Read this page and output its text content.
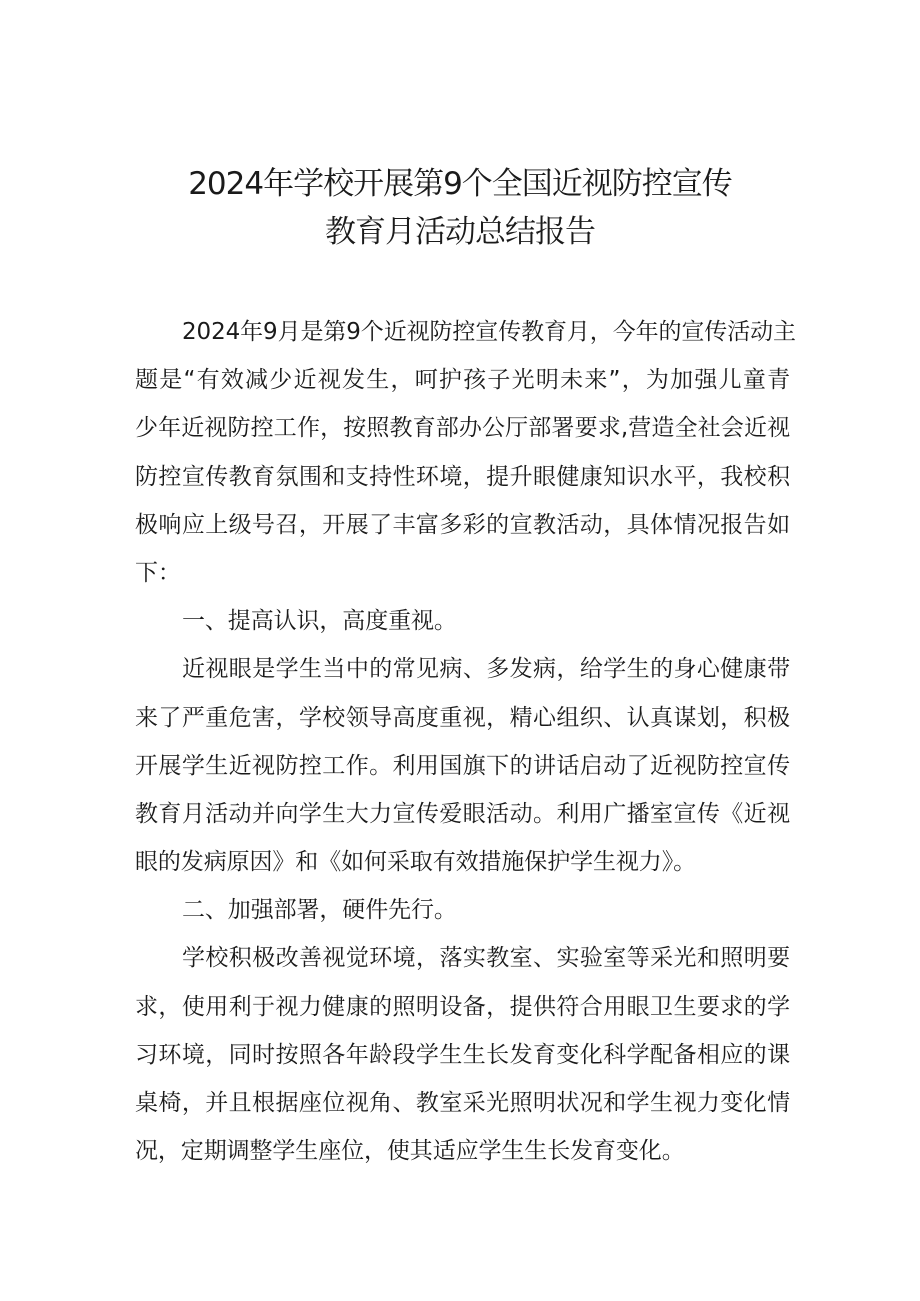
2024年学校开展第9个全国近视防控宣传
教育月活动总结报告
2024年9月是第9个近视防控宣传教育月，今年的宣传活动主
题是“有效减少近视发生，呵护孩子光明未来”，为加强儿童青
少年近视防控工作，按照教育部办公厅部署要求,营造全社会近视
防控宣传教育氛围和支持性环境，提升眼健康知识水平，我校积
极响应上级号召，开展了丰富多彩的宣教活动，具体情况报告如
下：
一、提高认识，高度重视。
近视眼是学生当中的常见病、多发病，给学生的身心健康带
来了严重危害，学校领导高度重视，精心组织、认真谋划，积极
开展学生近视防控工作。利用国旗下的讲话启动了近视防控宣传
教育月活动并向学生大力宣传爱眼活动。利用广播室宣传《近视
眼的发病原因》和《如何采取有效措施保护学生视力》。
二、加强部署，硬件先行。
学校积极改善视觉环境，落实教室、实验室等采光和照明要
求，使用利于视力健康的照明设备，提供符合用眼卫生要求的学
习环境，同时按照各年龄段学生生长发育变化科学配备相应的课
桌椅，并且根据座位视角、教室采光照明状况和学生视力变化情
况，定期调整学生座位，使其适应学生生长发育变化。
